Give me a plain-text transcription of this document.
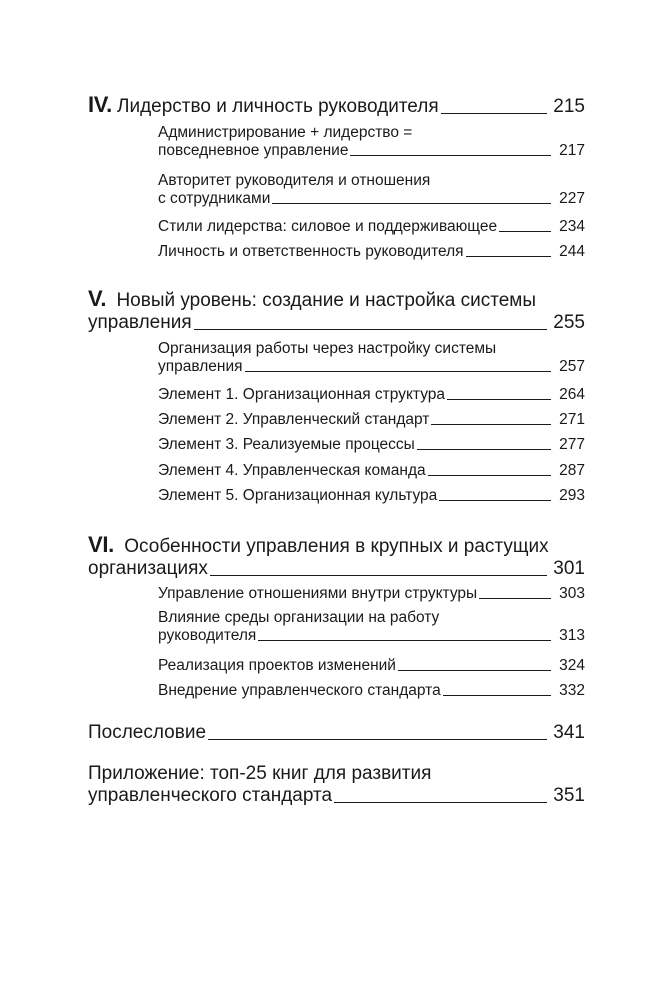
IV. Лидерство и личность руководителя	215
Администрирование + лидерство =
повседневное управление	217
Авторитет руководителя и отношения
с сотрудниками	227
Стили лидерства: силовое и поддерживающее	234
Личность и ответственность руководителя	244
V. Новый уровень: создание и настройка системы
управления	255
Организация работы через настройку системы
управления	257
Элемент 1. Организационная структура	264
Элемент 2. Управленческий стандарт	271
Элемент 3. Реализуемые процессы	277
Элемент 4. Управленческая команда	287
Элемент 5. Организационная культура	293
VI. Особенности управления в крупных и растущих
организациях	301
Управление отношениями внутри структуры	303
Влияние среды организации на работу
руководителя	313
Реализация проектов изменений	324
Внедрение управленческого стандарта	332
Послесловие	341
Приложение: топ-25 книг для развития
управленческого стандарта	351
